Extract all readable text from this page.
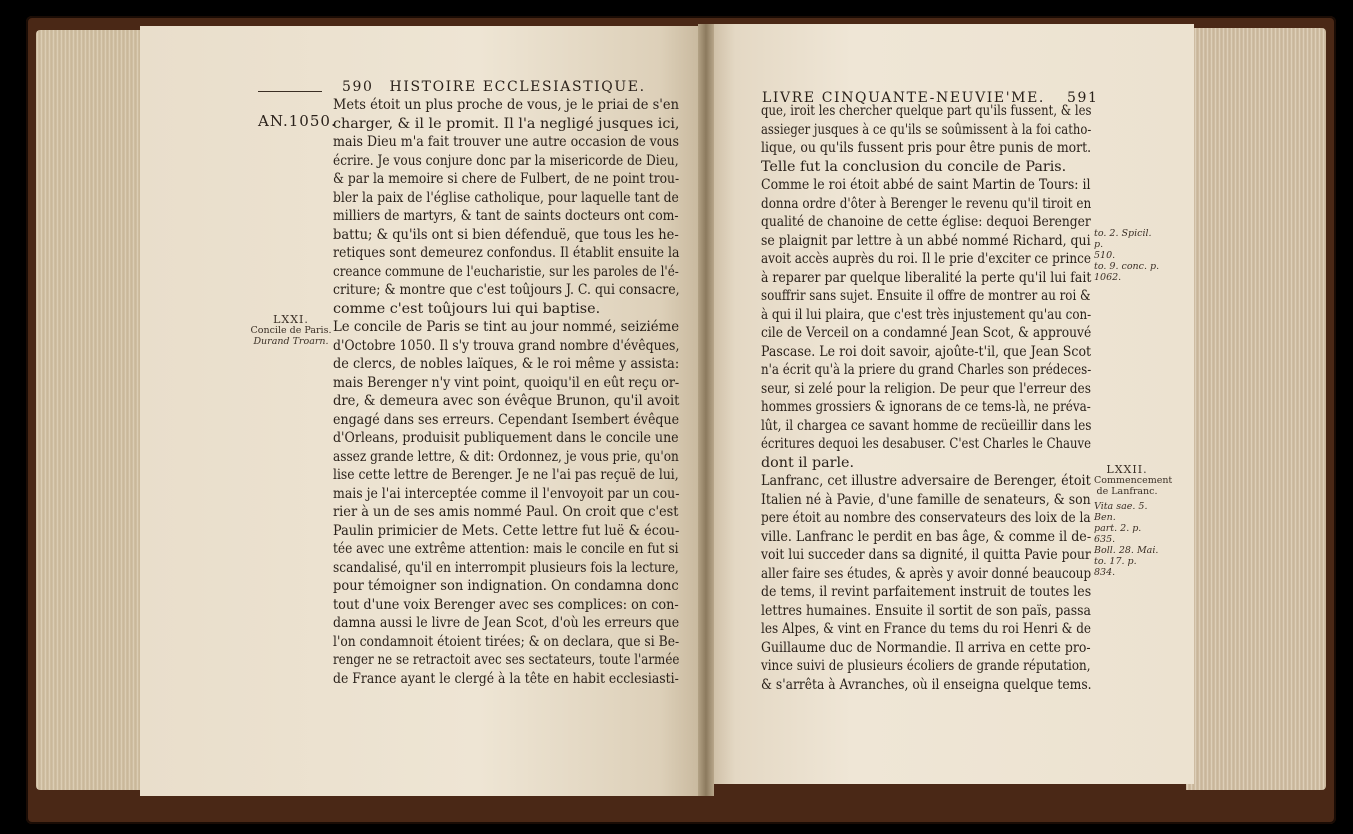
590 HISTOIRE ECCLESIASTIQUE.
AN.1050.
Mets étoit un plus proche de vous, je le priai de s'en
charger, & il le promit. Il l'a negligé jusques ici,
mais Dieu m'a fait trouver une autre occasion de vous
écrire. Je vous conjure donc par la misericorde de Dieu,
& par la memoire si chere de Fulbert, de ne point trou-
bler la paix de l'église catholique, pour laquelle tant de
milliers de martyrs, & tant de saints docteurs ont com-
battu; & qu'ils ont si bien défenduë, que tous les he-
retiques sont demeurez confondus. Il établit ensuite la
creance commune de l'eucharistie, sur les paroles de l'é-
criture; & montre que c'est toûjours J. C. qui consacre,
comme c'est toûjours lui qui baptise.
Le concile de Paris se tint au jour nommé, seiziéme
d'Octobre 1050. Il s'y trouva grand nombre d'évêques,
de clercs, de nobles laïques, & le roi même y assista:
mais Berenger n'y vint point, quoiqu'il en eût reçu or-
dre, & demeura avec son évêque Brunon, qu'il avoit
engagé dans ses erreurs. Cependant Isembert évêque
d'Orleans, produisit publiquement dans le concile une
assez grande lettre, & dit: Ordonnez, je vous prie, qu'on
lise cette lettre de Berenger. Je ne l'ai pas reçuë de lui,
mais je l'ai interceptée comme il l'envoyoit par un cou-
rier à un de ses amis nommé Paul. On croit que c'est
Paulin primicier de Mets. Cette lettre fut luë & écou-
tée avec une extrême attention: mais le concile en fut si
scandalisé, qu'il en interrompit plusieurs fois la lecture,
pour témoigner son indignation. On condamna donc
tout d'une voix Berenger avec ses complices: on con-
damna aussi le livre de Jean Scot, d'où les erreurs que
l'on condamnoit étoient tirées; & on declara, que si Be-
renger ne se retractoit avec ses sectateurs, toute l'armée
de France ayant le clergé à la tête en habit ecclesiasti-
LXXI.
Concile de Paris.
Durand Troarn.
LIVRE CINQUANTE-NEUVIE'ME. 591
que, iroit les chercher quelque part qu'ils fussent, & les
assieger jusques à ce qu'ils se soûmissent à la foi catho-
lique, ou qu'ils fussent pris pour être punis de mort.
Telle fut la conclusion du concile de Paris.
Comme le roi étoit abbé de saint Martin de Tours: il
donna ordre d'ôter à Berenger le revenu qu'il tiroit en
qualité de chanoine de cette église: dequoi Berenger
se plaignit par lettre à un abbé nommé Richard, qui
avoit accès auprès du roi. Il le prie d'exciter ce prince
à reparer par quelque liberalité la perte qu'il lui fait
souffrir sans sujet. Ensuite il offre de montrer au roi &
à qui il lui plaira, que c'est très injustement qu'au con-
cile de Verceil on a condamné Jean Scot, & approuvé
Pascase. Le roi doit savoir, ajoûte-t'il, que Jean Scot
n'a écrit qu'à la priere du grand Charles son prédeces-
seur, si zelé pour la religion. De peur que l'erreur des
hommes grossiers & ignorans de ce tems-là, ne préva-
lût, il chargea ce savant homme de recüeillir dans les
écritures dequoi les desabuser. C'est Charles le Chauve
dont il parle.
Lanfranc, cet illustre adversaire de Berenger, étoit
Italien né à Pavie, d'une famille de senateurs, & son
pere étoit au nombre des conservateurs des loix de la
ville. Lanfranc le perdit en bas âge, & comme il de-
voit lui succeder dans sa dignité, il quitta Pavie pour
aller faire ses études, & après y avoir donné beaucoup
de tems, il revint parfaitement instruit de toutes les
lettres humaines. Ensuite il sortit de son païs, passa
les Alpes, & vint en France du tems du roi Henri & de
Guillaume duc de Normandie. Il arriva en cette pro-
vince suivi de plusieurs écoliers de grande réputation,
& s'arrêta à Avranches, où il enseigna quelque tems.
to. 2. Spicil. p.
510.
to. 9. conc. p.
1062.
LXXII.
Commencement de Lanfranc.
Vita sae. 5. Ben.
part. 2. p. 635.
Boll. 28. Mai.
to. 17. p. 834.
